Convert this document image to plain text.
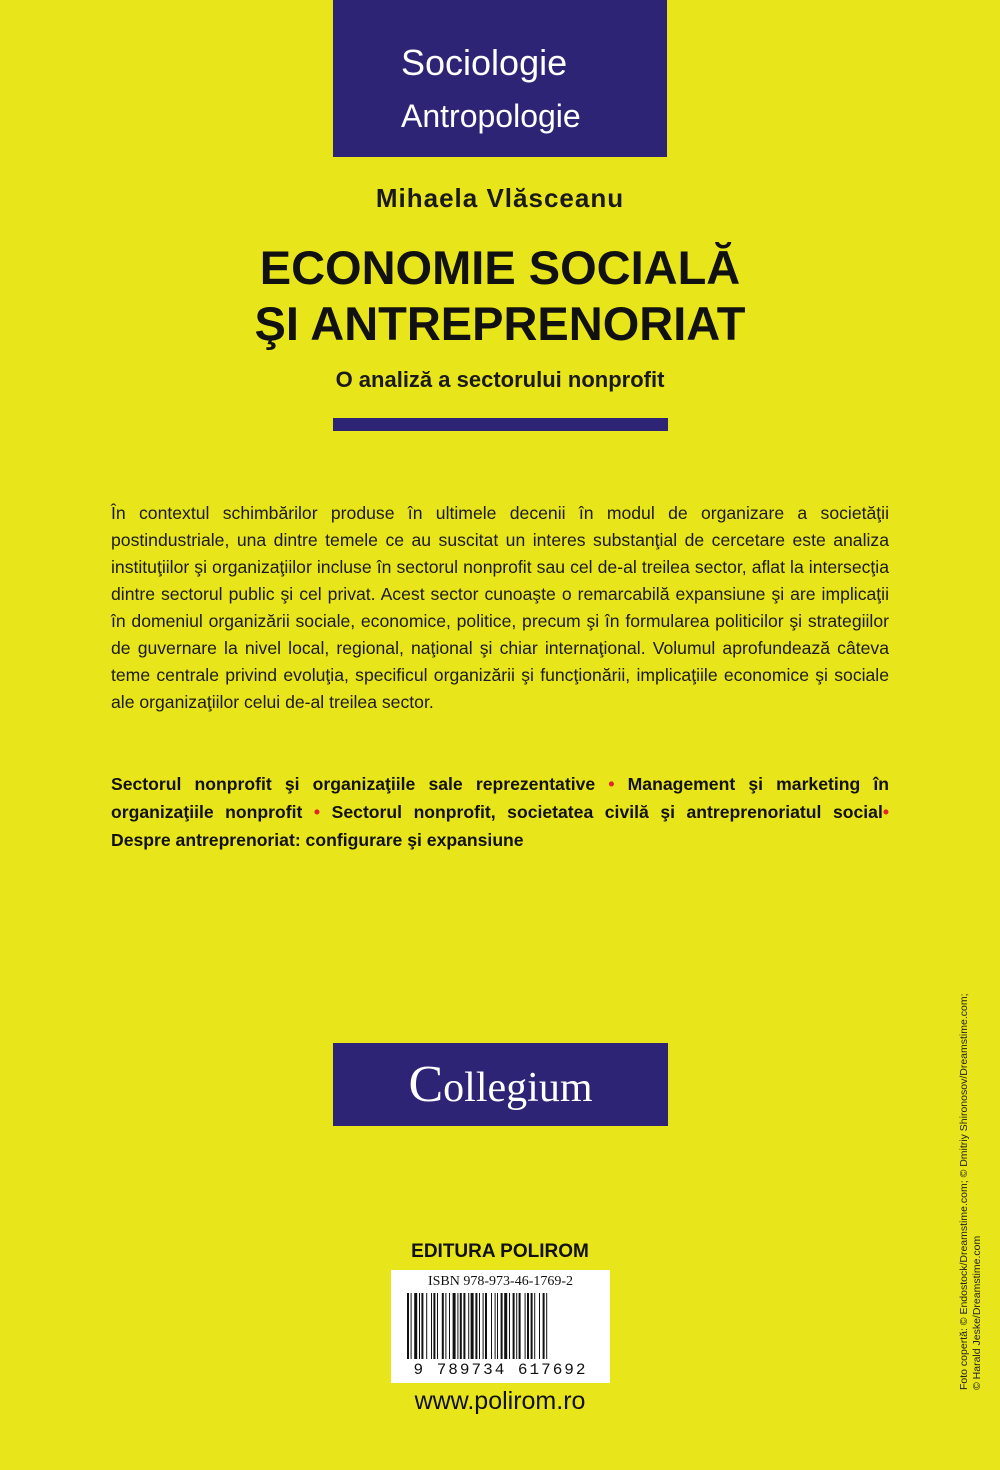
Sociologie
Antropologie
Mihaela Vlăsceanu
ECONOMIE SOCIALĂ
ŞI ANTREPRENORIAT
O analiză a sectorului nonprofit
În contextul schimbărilor produse în ultimele decenii în modul de organizare a societăţii postindustriale, una dintre temele ce au suscitat un interes substanţial de cercetare este analiza instituţiilor şi organizaţiilor incluse în sectorul nonprofit sau cel de-al treilea sector, aflat la intersecţia dintre sectorul public şi cel privat. Acest sector cunoaşte o remarcabilă expansiune şi are implicaţii în domeniul organizării sociale, economice, politice, precum şi în formularea politicilor şi strategiilor de guvernare la nivel local, regional, naţional şi chiar internaţional. Volumul aprofundează câteva teme centrale privind evoluţia, specificul organizării şi funcţionării, implicaţiile economice şi sociale ale organizaţiilor celui de-al treilea sector.
Sectorul nonprofit şi organizaţiile sale reprezentative • Management şi marketing în organizaţiile nonprofit • Sectorul nonprofit, societatea civilă şi antreprenoriatul social• Despre antreprenoriat: configurare şi expansiune
Collegium
EDITURA POLIROM
ISBN 978-973-46-1769-2
9 789734 617692
www.polirom.ro
Foto copertă: © Endostock/Dreamstime.com; © Dmitriy Shironosov/Dreamstime.com; © Harald Jeske/Dreamstime.com
